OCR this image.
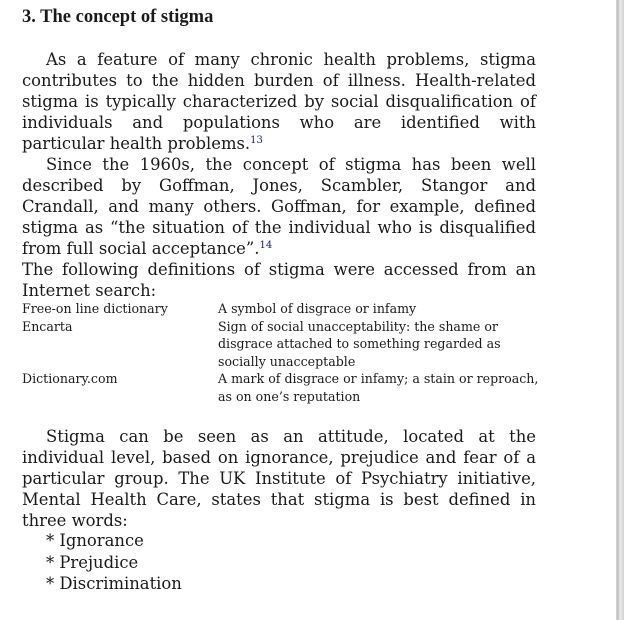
3. The concept of stigma

As a feature of many chronic health problems, stigma contributes to the hidden burden of illness. Health-related stigma is typically characterized by social disqualification of individuals and populations who are identified with particular health problems.$^{13}$

Since the 1960s, the concept of stigma has been well described by Goffman, Jones, Scambler, Stangor and Crandall, and many others. Goffman, for example, defined stigma as “the situation of the individual who is disqualified from full social acceptance”.$^{14}$

The following definitions of stigma were accessed from an Internet search:
Free-on line dictionary	A symbol of disgrace or infamy
Encarta	Sign of social unacceptability: the shame or disgrace attached to something regarded as socially unacceptable
Dictionary.com	A mark of disgrace or infamy; a stain or reproach, as on one’s reputation

Stigma can be seen as an attitude, located at the individual level, based on ignorance, prejudice and fear of a particular group. The UK Institute of Psychiatry initiative, Mental Health Care, states that stigma is best defined in three words:

* Ignorance
* Prejudice
* Discrimination
